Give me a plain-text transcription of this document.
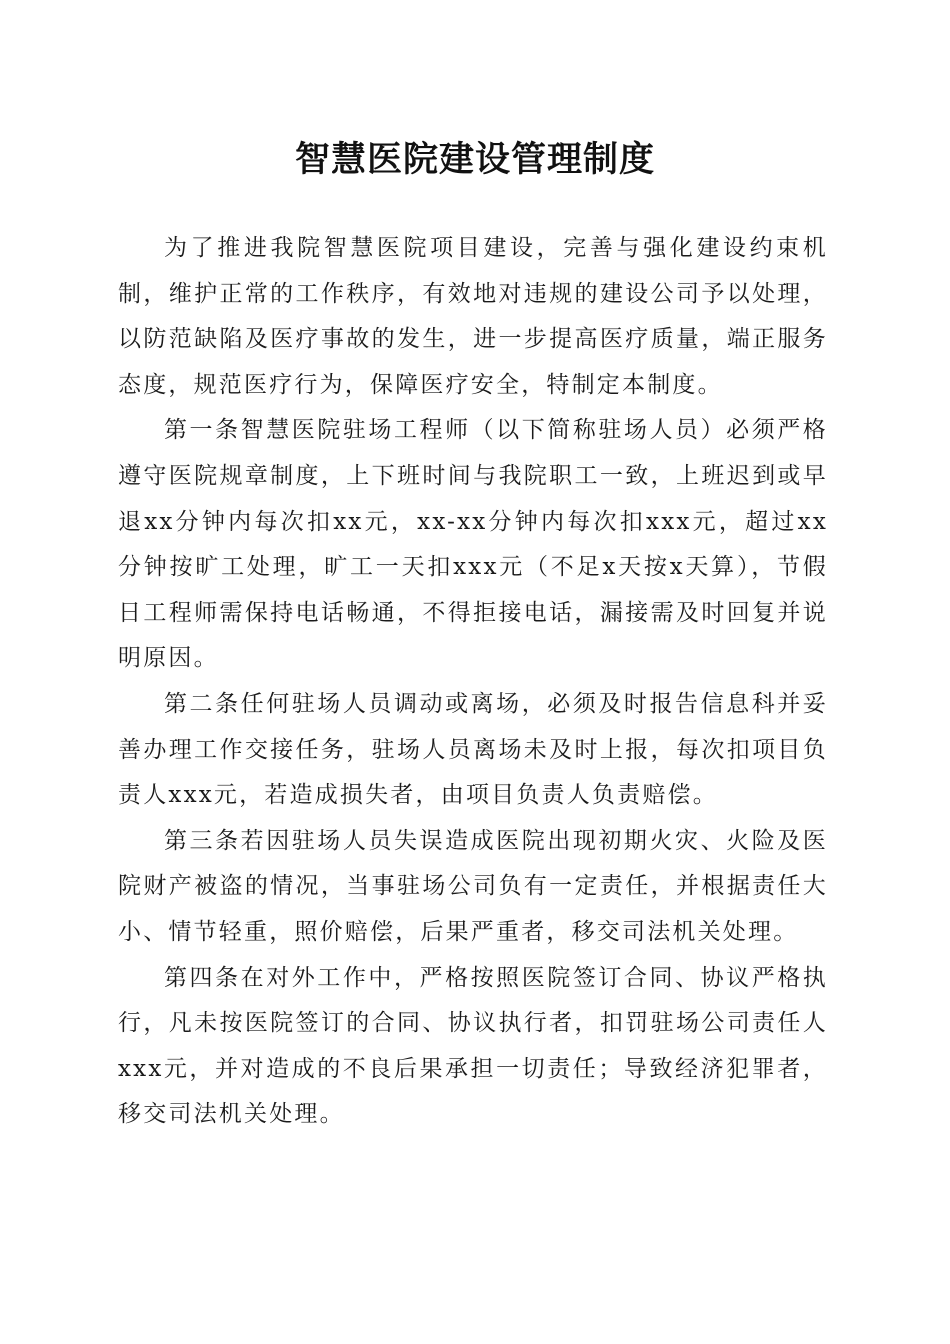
智慧医院建设管理制度

为了推进我院智慧医院项目建设，完善与强化建设约束机制，维护正常的工作秩序，有效地对违规的建设公司予以处理，以防范缺陷及医疗事故的发生，进一步提高医疗质量，端正服务态度，规范医疗行为，保障医疗安全，特制定本制度。

第一条智慧医院驻场工程师（以下简称驻场人员）必须严格遵守医院规章制度，上下班时间与我院职工一致，上班迟到或早退xx分钟内每次扣xx元，xx-xx分钟内每次扣xxx元，超过xx分钟按旷工处理，旷工一天扣xxx元（不足x天按x天算），节假日工程师需保持电话畅通，不得拒接电话，漏接需及时回复并说明原因。

第二条任何驻场人员调动或离场，必须及时报告信息科并妥善办理工作交接任务，驻场人员离场未及时上报，每次扣项目负责人xxx元，若造成损失者，由项目负责人负责赔偿。

第三条若因驻场人员失误造成医院出现初期火灾、火险及医院财产被盗的情况，当事驻场公司负有一定责任，并根据责任大小、情节轻重，照价赔偿，后果严重者，移交司法机关处理。

第四条在对外工作中，严格按照医院签订合同、协议严格执行，凡未按医院签订的合同、协议执行者，扣罚驻场公司责任人xxx元，并对造成的不良后果承担一切责任；导致经济犯罪者，移交司法机关处理。
